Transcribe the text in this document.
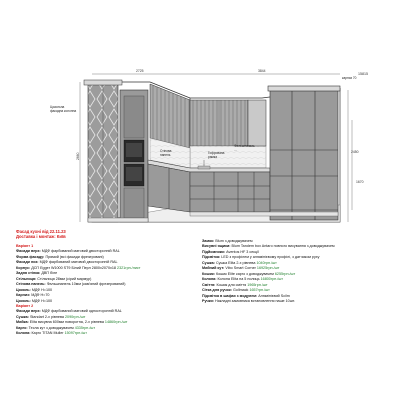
2725	3844
2660
2450
1670
карниз 70
Цокольна
фасадна колонна
Гофрована
рамка
Фальшпанель
...
Стінова
панель
15815
Фасад кухні від 22.11.23
Доставка і монтаж: Київ
Варіант 1
Фасади верх: МДФ фарбований матовий двосторонній RAL
Форма фасаду: Прямий (всі фасади фрезеровані)
Фасади низ: МДФ фарбований матовий двосторонній RAL
Корпус: ДСП Egger W1000 ST9 Білий Перл 2800x2070x18 2321грн./лист
Задня стінка: ДВП біле
Стільниця: Стільниця 28мм (сірий мармур)
Стінова панель: Фальшпанель 10мм (кам'яний фрезерований)
Цоколь: МДФ Н=100
Карниз: МДФ Н=70
Цоколь: МДФ Н=100
Варіант 2
Фасади верх: МДФ фарбований матовий односторонній RAL
Сушка: Standart 2-х рівнева 2090грн./шт
Мийка: Elita висувна 600мм поворотна, 2-х рівнева 14860грн./шт
Карго: Тесла кут з доводжувачем 4335грн./шт
Колона: Карго TITAN Muller 15097грн./шт
Замок: Blum з доводжувачем
Висувні ящики: Blum Tandem box Antaro повного висування з доводжувачем
Підйомники: Aventos HF 3 секції
Підсвітка: LED з профілем у алюмінієвому профілі, з датчиком руху
Сушка: Сушка Elita 2-х рівнева 1040грн./шт
Мийний кут: Vibo Smart Corner 16925грн./шт
Кошик: Кошик Elite карго з доводжувачем 6255грн./шт
Колона: Колона Elita на 5 полиць 16800грн./шт
Сміття: Кошик для сміття 1965грн./шт
Сітка для ручок: Gollmack 1657грн./шт
Підсвітка в шафах з модулем: Алюмінієвий Scilm
Ручки: Накладні замовника встановлення наше 10шт.
